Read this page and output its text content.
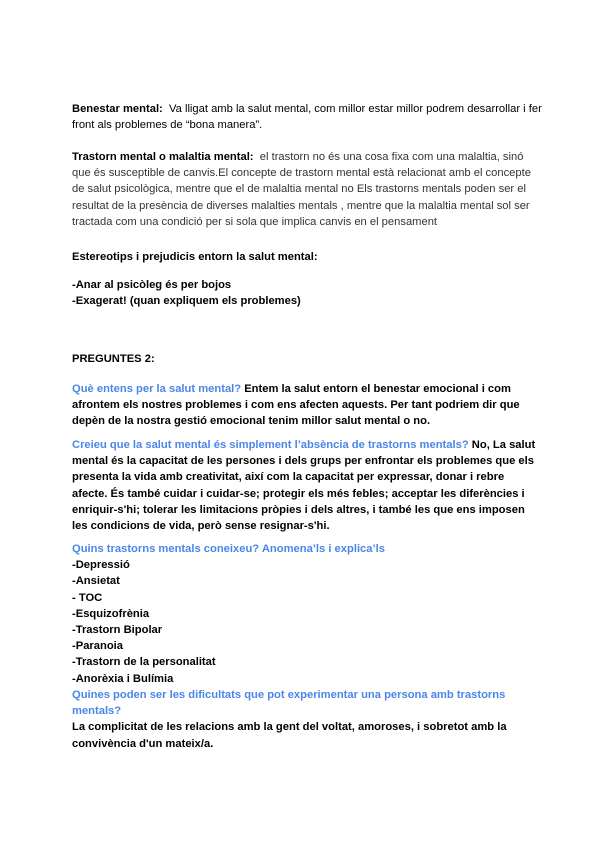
Benestar mental: Va lligat amb la salut mental, com millor estar millor podrem desarrollar i fer front als problemes de “bona manera”.
Trastorn mental o malaltia mental: el trastorn no és una cosa fixa com una malaltia, sinó que és susceptible de canvis.El concepte de trastorn mental està relacionat amb el concepte de salut psicològica, mentre que el de malaltia mental no Els trastorns mentals poden ser el resultat de la presència de diverses malalties mentals , mentre que la malaltia mental sol ser tractada com una condició per si sola que implica canvis en el pensament
Estereotips i prejudicis entorn la salut mental:
-Anar al psicòleg és per bojos
-Exagerat! (quan expliquem els problemes)
PREGUNTES 2:
Què entens per la salut mental? Entem la salut entorn el benestar emocional i com afrontem els nostres problemes i com ens afecten aquests. Per tant podriem dir que depèn de la nostra gestió emocional tenim millor salut mental o no.
Creieu que la salut mental és simplement l’absència de trastorns mentals? No, La salut mental és la capacitat de les persones i dels grups per enfrontar els problemes que els presenta la vida amb creativitat, així com la capacitat per expressar, donar i rebre afecte. És també cuidar i cuidar-se; protegir els més febles; acceptar les diferències i enriquir-s'hi; tolerar les limitacions pròpies i dels altres, i també les que ens imposen les condicions de vida, però sense resignar-s'hi.
Quins trastorns mentals coneixeu? Anomena’ls i explica’ls
-Depressió
-Ansietat
- TOC
-Esquizofrènia
-Trastorn Bipolar
-Paranoia
-Trastorn de la personalitat
-Anorèxia i Bulímia
Quines poden ser les dificultats que pot experimentar una persona amb trastorns mentals?
La complicitat de les relacions amb la gent del voltat, amoroses, i sobretot amb la convivència d'un mateix/a.
